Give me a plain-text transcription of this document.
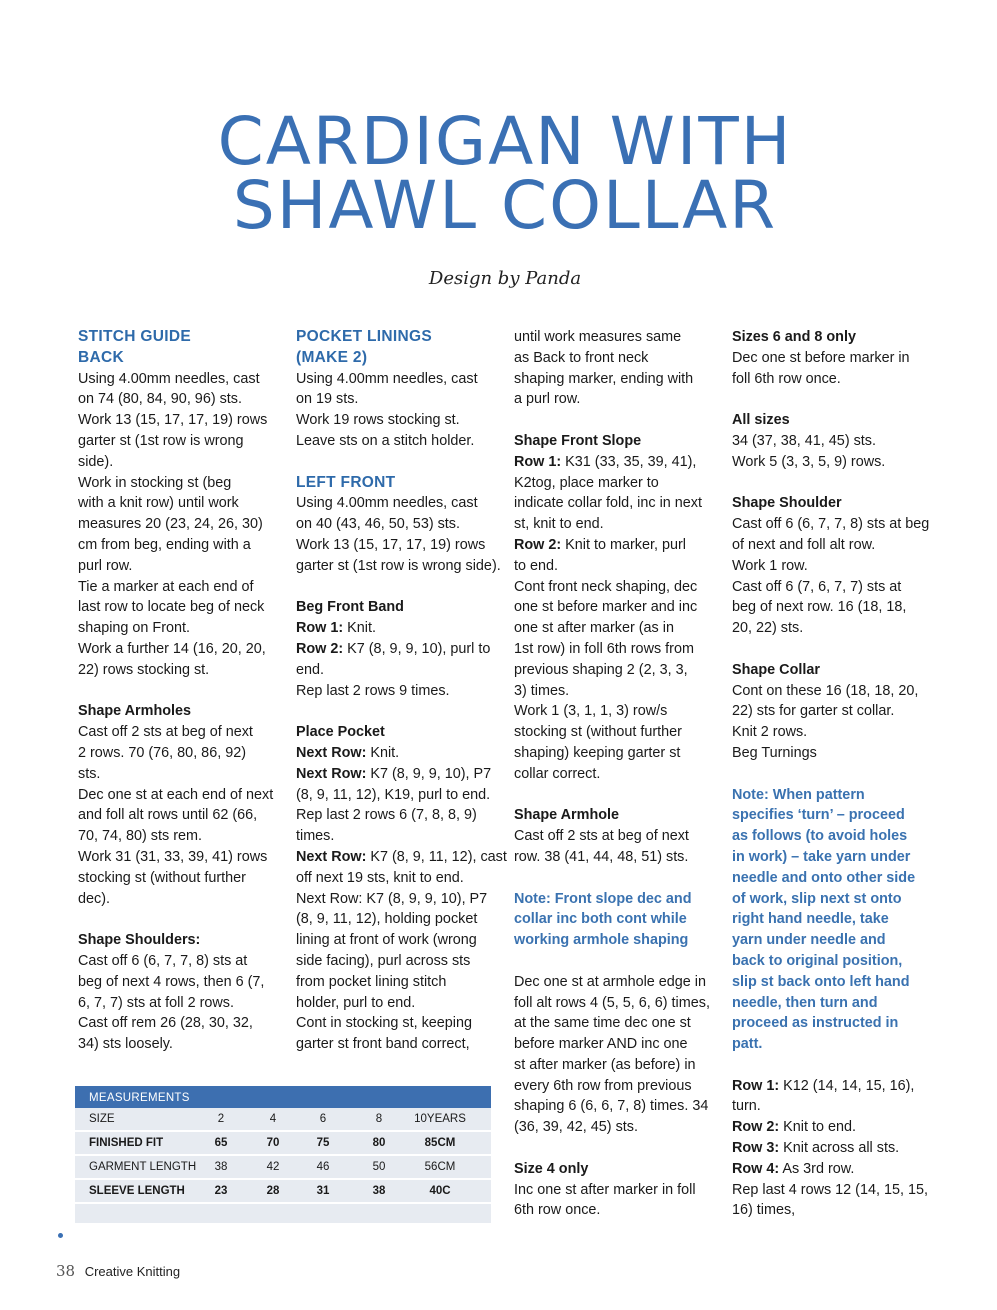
CARDIGAN WITH
SHAWL COLLAR
Design by Panda

STITCH GUIDE

BACK

Using 4.00mm needles, cast

on 74 (80, 84, 90, 96) sts.

Work 13 (15, 17, 17, 19) rows

garter st (1st row is wrong

side).

Work in stocking st (beg

with a knit row) until work

measures 20 (23, 24, 26, 30)

cm from beg, ending with a

purl row.

Tie a marker at each end of

last row to locate beg of neck

shaping on Front.

Work a further 14 (16, 20, 20,

22) rows stocking st.

Shape Armholes

Cast off 2 sts at beg of next

2 rows. 70 (76, 80, 86, 92)

sts.

Dec one st at each end of next

and foll alt rows until 62 (66,

70, 74, 80) sts rem.

Work 31 (31, 33, 39, 41) rows

stocking st (without further

dec).

Shape Shoulders:

Cast off 6 (6, 7, 7, 8) sts at

beg of next 4 rows, then 6 (7,

6, 7, 7) sts at foll 2 rows.

Cast off rem 26 (28, 30, 32,

34) sts loosely.

POCKET LININGS

(MAKE 2)

Using 4.00mm needles, cast

on 19 sts.

Work 19 rows stocking st.

Leave sts on a stitch holder.

LEFT FRONT

Using 4.00mm needles, cast

on 40 (43, 46, 50, 53) sts.

Work 13 (15, 17, 17, 19) rows

garter st (1st row is wrong side).

Beg Front Band

Row 1: Knit.

Row 2: K7 (8, 9, 9, 10), purl to

end.

Rep last 2 rows 9 times.

Place Pocket

Next Row: Knit.

Next Row: K7 (8, 9, 9, 10), P7

(8, 9, 11, 12), K19, purl to end.

Rep last 2 rows 6 (7, 8, 8, 9)

times.

Next Row: K7 (8, 9, 11, 12), cast

off next 19 sts, knit to end.

Next Row: K7 (8, 9, 9, 10), P7

(8, 9, 11, 12), holding pocket

lining at front of work (wrong

side facing), purl across sts

from pocket lining stitch

holder, purl to end.

Cont in stocking st, keeping

garter st front band correct,

until work measures same

as Back to front neck

shaping marker, ending with

a purl row.

Shape Front Slope

Row 1: K31 (33, 35, 39, 41),

K2tog, place marker to

indicate collar fold, inc in next

st, knit to end.

Row 2: Knit to marker, purl

to end.

Cont front neck shaping, dec

one st before marker and inc

one st after marker (as in

1st row) in foll 6th rows from

previous shaping 2 (2, 3, 3,

3) times.

Work 1 (3, 1, 1, 3) row/s

stocking st (without further

shaping) keeping garter st

collar correct.

Shape Armhole

Cast off 2 sts at beg of next

row. 38 (41, 44, 48, 51) sts.

Note: Front slope dec and

collar inc both cont while

working armhole shaping

Dec one st at armhole edge in

foll alt rows 4 (5, 5, 6, 6) times,

at the same time dec one st

before marker AND inc one

st after marker (as before) in

every 6th row from previous

shaping 6 (6, 6, 7, 8) times. 34

(36, 39, 42, 45) sts.

Size 4 only

Inc one st after marker in foll

6th row once.

Sizes 6 and 8 only

Dec one st before marker in

foll 6th row once.

All sizes

34 (37, 38, 41, 45) sts.

Work 5 (3, 3, 5, 9) rows.

Shape Shoulder

Cast off 6 (6, 7, 7, 8) sts at beg

of next and foll alt row.

Work 1 row.

Cast off 6 (7, 6, 7, 7) sts at

beg of next row. 16 (18, 18,

20, 22) sts.

Shape Collar

Cont on these 16 (18, 18, 20,

22) sts for garter st collar.

Knit 2 rows.

Beg Turnings

Note: When pattern

specifies ‘turn’ – proceed

as follows (to avoid holes

in work) – take yarn under

needle and onto other side

of work, slip next st onto

right hand needle, take

yarn under needle and

back to original position,

slip st back onto left hand

needle, then turn and

proceed as instructed in

patt.

Row 1: K12 (14, 14, 15, 16),

turn.

Row 2: Knit to end.

Row 3: Knit across all sts.

Row 4: As 3rd row.

Rep last 4 rows 12 (14, 15, 15,

16) times,

MEASUREMENTS
SIZE	2	4	6	8	10YEARS
FINISHED FIT	65	70	75	80	85CM
GARMENT LENGTH	38	42	46	50	56CM
SLEEVE LENGTH	23	28	31	38	40C
38 Creative Knitting
